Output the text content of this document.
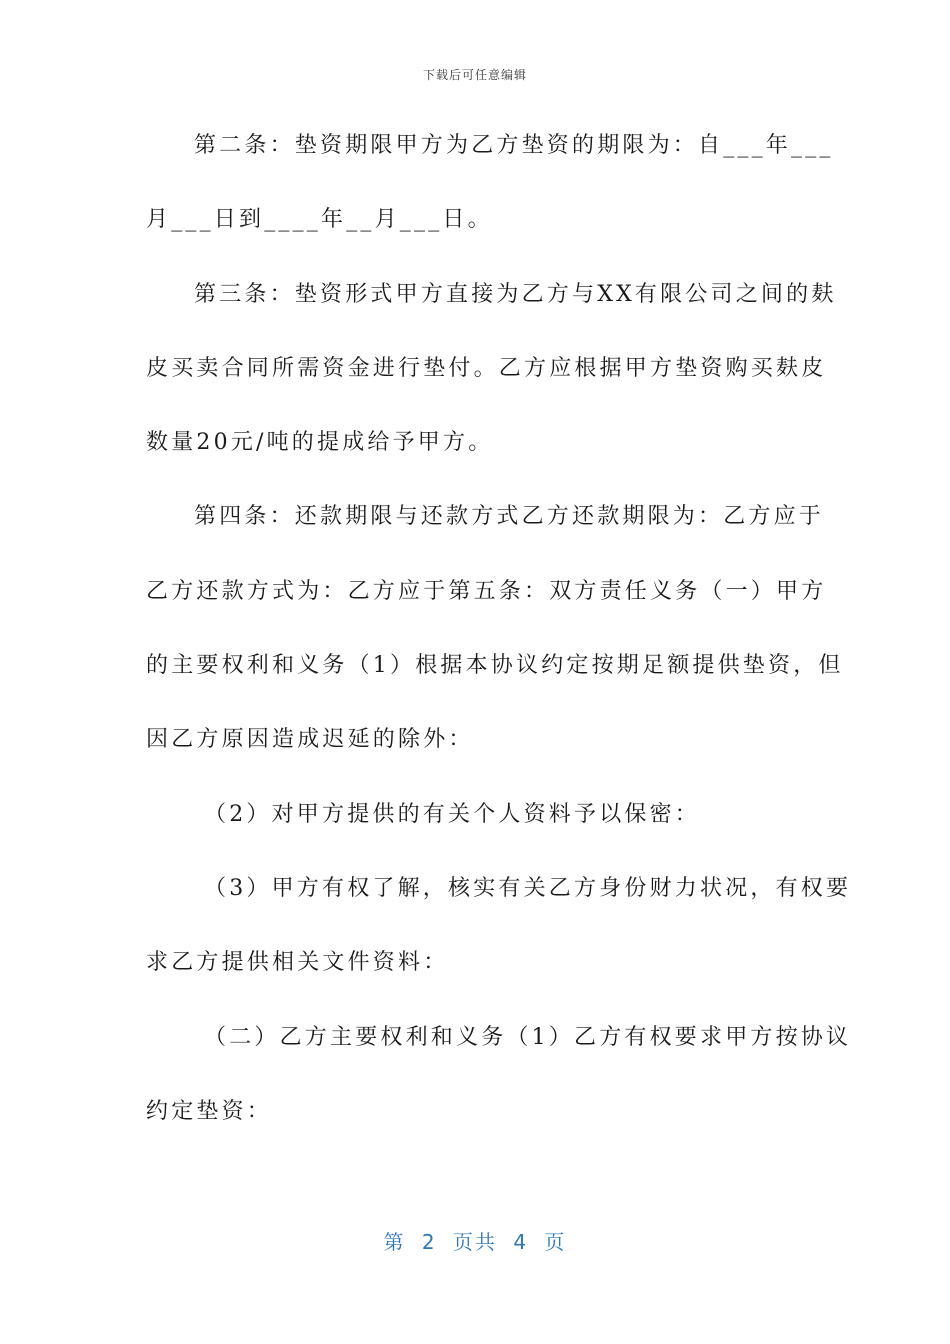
下载后可任意编辑
第二条：垫资期限甲方为乙方垫资的期限为：自___年___
月___日到____年__月___日。
第三条：垫资形式甲方直接为乙方与XX有限公司之间的麸
皮买卖合同所需资金进行垫付。乙方应根据甲方垫资购买麸皮
数量20元/吨的提成给予甲方。
第四条：还款期限与还款方式乙方还款期限为：乙方应于
乙方还款方式为：乙方应于第五条：双方责任义务（一）甲方
的主要权利和义务（1）根据本协议约定按期足额提供垫资，但
因乙方原因造成迟延的除外：
（2）对甲方提供的有关个人资料予以保密：
（3）甲方有权了解，核实有关乙方身份财力状况，有权要
求乙方提供相关文件资料：
（二）乙方主要权利和义务（1）乙方有权要求甲方按协议
约定垫资：
第 2 页共 4 页
